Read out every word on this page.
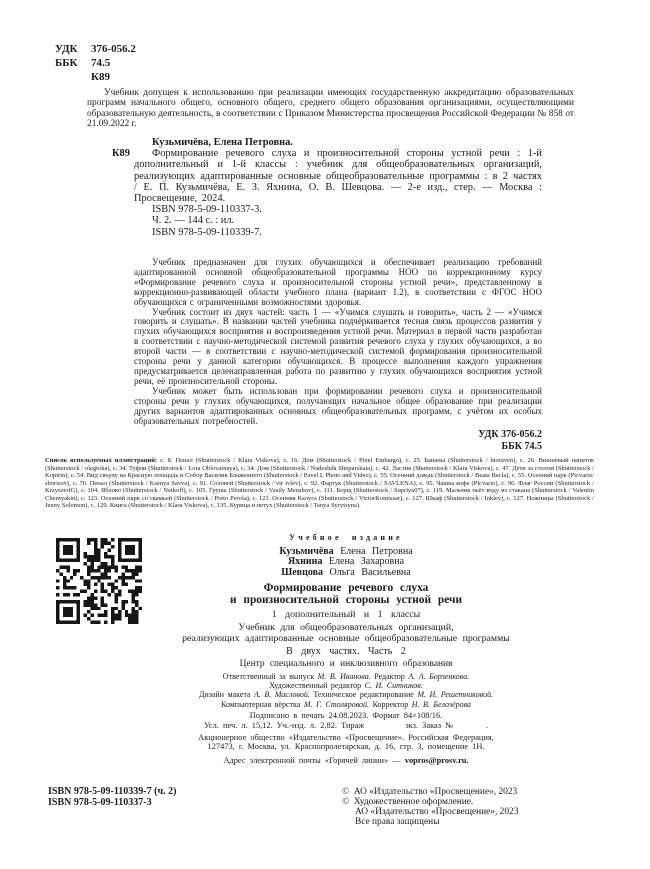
УДК 376-056.2
ББК 74.5
К89

Учебник допущен к использованию при реализации имеющих государственную аккредитацию образовательных программ начального общего, основного общего, среднего общего образования организациями, осуществляющими образовательную деятельность, в соответствии с Приказом Министерства просвещения Российской Федерации № 858 от 21.09.2022 г.

Кузьмичёва, Елена Петровна.

К89 Формирование речевого слуха и произносительной стороны устной речи : 1-й дополнительный и 1-й классы : учебник для общеобразовательных организаций, реализующих адаптированные основные общеобразовательные программы : в 2 частях / Е. П. Кузьмичёва, Е. З. Яхнина, О. В. Шевцова. — 2-е изд., стер. — Москва : Просвещение, 2024.

ISBN 978-5-09-110337-3.

Ч. 2. — 144 с. : ил.

ISBN 978-5-09-110339-7.

Учебник предназначен для глухих обучающихся и обеспечивает реализацию требований адаптированной основной общеобразовательной программы НОО по коррекционному курсу «Формирование речевого слуха и произносительной стороны устной речи», представленному в коррекционно-развивающей области учебного плана (вариант 1.2), в соответствии с ФГОС НОО обучающихся с ограниченными возможностями здоровья.

Учебник состоит из двух частей: часть 1 — «Учимся слушать и говорить», часть 2 — «Учимся говорить и слушать». В названии частей учебника подчёркивается тесная связь процессов развития у глухих обучающихся восприятия и воспроизведения устной речи. Материал в первой части разработан в соответствии с научно-методической системой развития речевого слуха у глухих обучающихся, а во второй части — в соответствии с научно-методической системой формирования произносительной стороны речи у данной категории обучающихся. В процессе выполнения каждого упражнения предусматривается целенаправленная работа по развитию у глухих обучающихся восприятия устной речи, её произносительной стороны.

Учебник может быть использован при формировании речевого слуха и произносительной стороны речи у глухих обучающихся, получающих начальное общее образование при реализации других вариантов адаптированных основных общеобразовательных программ, с учётом их особых образовательных потребностей.

УДК 376-056.2
ББК 74.5

Список используемых иллюстраций: с. 8. Пенал (Shutterstock / Klara Viskova), с. 16. Дом (Shutterstock / Pixel Embargo), с. 25. Бананы (Shutterstock / bioraven), с. 26. Вишнёвый напиток (Shutterstock / olegtoka), с. 34. Туфли (Shutterstock / Lora Oblovatnaya), с. 34. Дом (Shutterstock / Nadezhda Shuparskaia), с. 42. Ластик (Shutterstock / Klara Viskova), с. 47. Дети за столом (Shutterstock / Kopirin), с. 54. Вид сверху на Красную площадь и Собор Василия Блаженного (Shutterstock / Pavel L Photo and Video), с. 55. Осенний дождь (Shutterstock / Beata Becla), с. 55. Осенний парк (Picvario/ sborisov), с. 76. Пенал (Shutterstock / Ksenya Savva), с. 91. Соловей (Shutterstock / vir ivlev), с. 92. Фартук (Shutterstock / SAVLENA), с. 95. Чашка кофе (Picvario), с. 96. Флаг России (Shutterstock / KrzysztofG), с. 104. Яблоко (Shutterstock / Netkoff), с. 105. Груша (Shutterstock / Vasily Menshov), с. 111. Борщ (Shutterstock / Supriya07), с. 119. Мальчик пьёт воду из стакана (Shutterstock / Valentin Chernyakin), с. 123. Осенний парк со скамьей (Shutterstock / Preto Perola), с. 123. Осенняя Калуга (Shutterstock / VictorKomissar), с. 127. Шкаф (Shutterstock / Inkley), с. 127. Ножницы (Shutterstock / Jenny Solomon), с. 129. Книга (Shutterstock / Klara Viskova), с. 135. Курица и петух (Shutterstock / Tanya Syrytsyna).

Учебное издание
Кузьмичёва Елена Петровна
Яхнина Елена Захаровна
Шевцова Ольга Васильевна
Формирование речевого слуха
и произносительной стороны устной речи
1 дополнительный и 1 классы
Учебник для общеобразовательных организаций,
реализующих адаптированные основные общеобразовательные программы
В двух частях. Часть 2
Центр специального и инклюзивного образования
Ответственный за выпуск М. В. Иванова. Редактор А. А. Борзенкова.
Художественный редактор С. И. Ситников.
Дизайн макета А. В. Масловой. Техническое редактирование М. И. Решетниковой.
Компьютерная вёрстка М. Г. Столяровой. Корректор Н. В. Белозёрова
Подписано в печать 24.08.2023. Формат 84×108/16.
Усл. печ. л. 15,12. Уч.-изд. л. 2,82. Тираж          экз. Заказ №        .
Акционерное общество «Издательство «Просвещение». Российская Федерация,
127473, г. Москва, ул. Краснопролетарская, д. 16, стр. 3, помещение 1Н.
Адрес электронной почты «Горячей линии» — vopros@prosv.ru.
ISBN 978-5-09-110339-7 (ч. 2)
ISBN 978-5-09-110337-3
© АО «Издательство «Просвещение», 2023
© Художественное оформление.
АО «Издательство «Просвещение», 2023
Все права защищены
